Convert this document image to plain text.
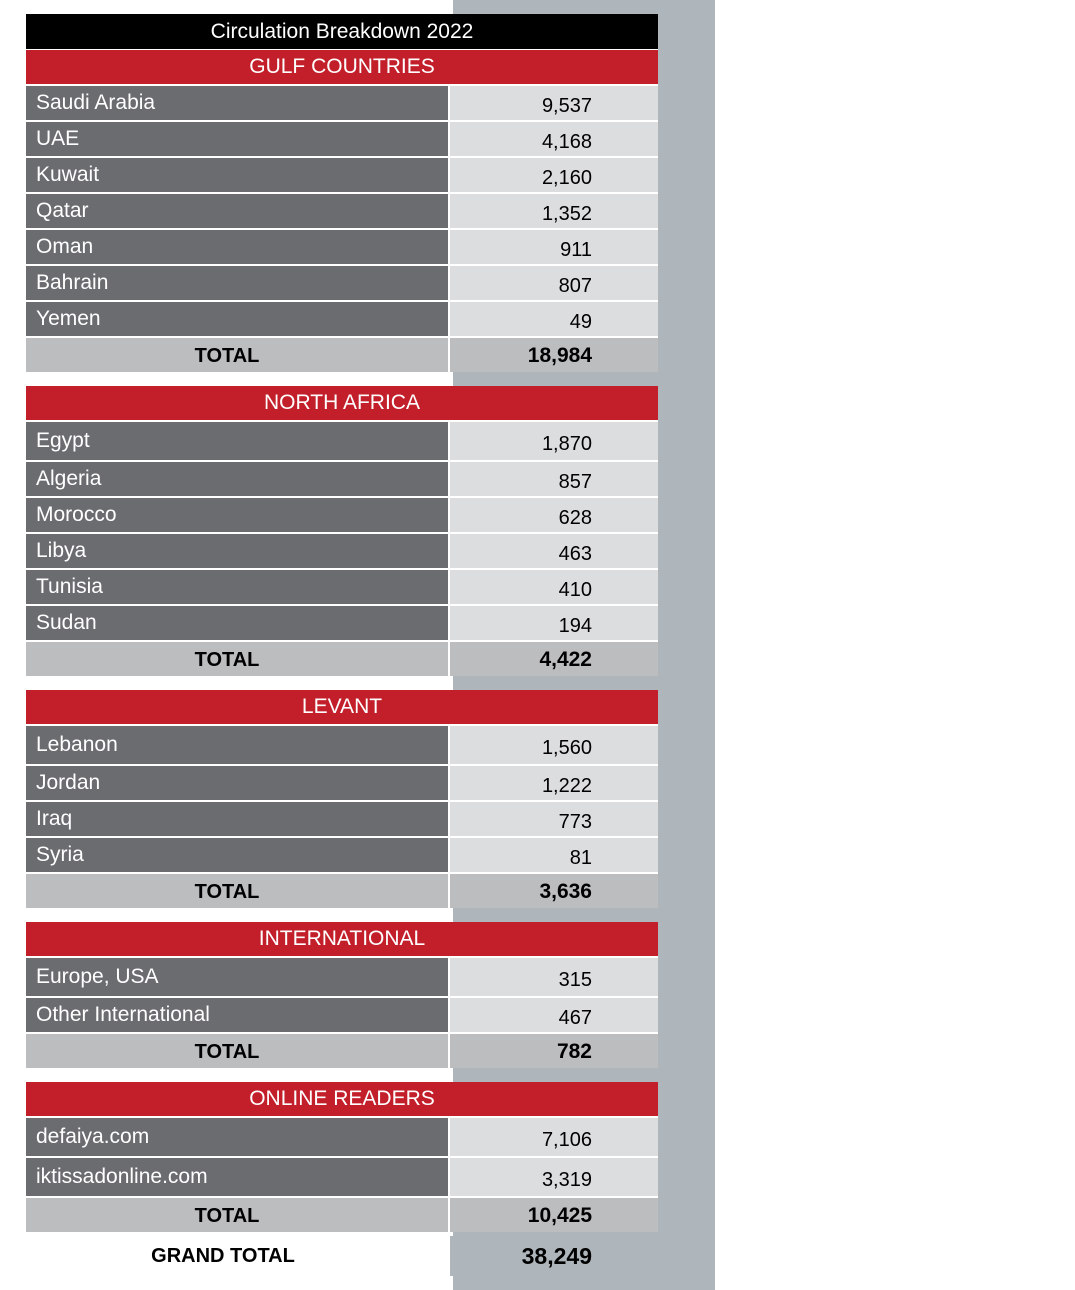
Circulation Breakdown 2022
GULF COUNTRIES
Saudi Arabia	9,537
UAE	4,168
Kuwait	2,160
Qatar	1,352
Oman	911
Bahrain	807
Yemen	49
TOTAL	18,984
NORTH AFRICA
Egypt	1,870
Algeria	857
Morocco	628
Libya	463
Tunisia	410
Sudan	194
TOTAL	4,422
LEVANT
Lebanon	1,560
Jordan	1,222
Iraq	773
Syria	81
TOTAL	3,636
INTERNATIONAL
Europe, USA	315
Other International	467
TOTAL	782
ONLINE READERS
defaiya.com	7,106
iktissadonline.com	3,319
TOTAL	10,425
GRAND TOTAL	38,249
